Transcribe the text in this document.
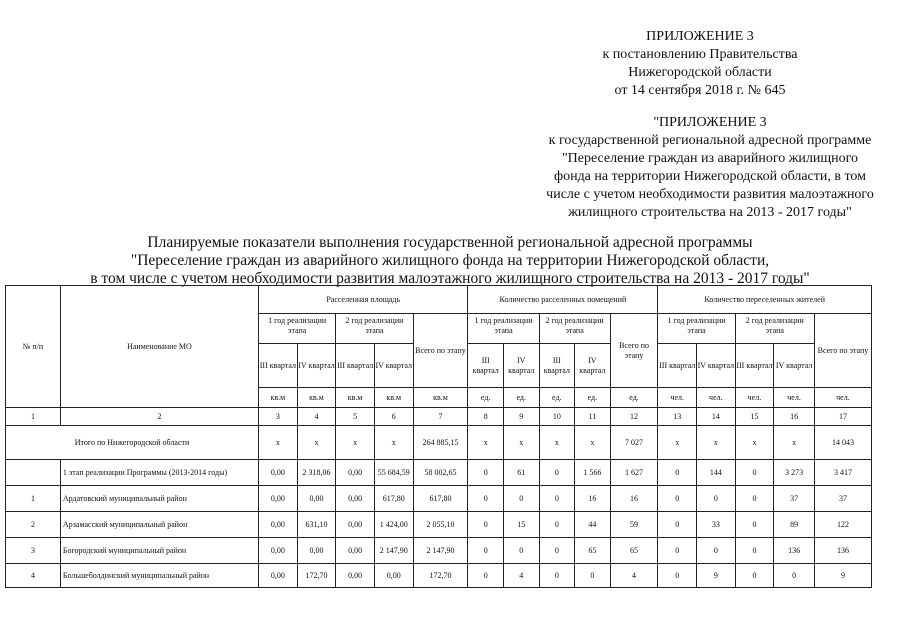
ПРИЛОЖЕНИЕ 3
к постановлению Правительства
Нижегородской области
от 14 сентября 2018 г. № 645
"ПРИЛОЖЕНИЕ 3
к государственной региональной адресной программе
"Переселение граждан из аварийного жилищного
фонда на территории Нижегородской области, в том
числе с учетом необходимости развития малоэтажного
жилищного строительства на 2013 - 2017 годы"
Планируемые показатели выполнения государственной региональной адресной программы
"Переселение граждан из аварийного жилищного фонда на территории Нижегородской области,
в том числе с учетом необходимости развития малоэтажного жилищного строительства на 2013 - 2017 годы"
№ п/п	Наименование МО	Расселенная площадь					Количество расселенных помещений					Количество переселенных жителей				
		1 год реализации этапа		2 год реализации этапа		Всего по этапу	1 год реализации этапа		2 год реализации этапа		Всего по этапу	1 год реализации этапа		2 год реализации этапа		Всего по этапу
		III квартал	IV квартал	III квартал	IV квартал		III квартал	IV квартал	III квартал	IV квартал		III квартал	IV квартал	III квартал	IV квартал	
		кв.м	кв.м	кв.м	кв.м	кв.м	ед.	ед.	ед.	ед.	ед.	чел.	чел.	чел.	чел.	чел.
1	2	3	4	5	6	7	8	9	10	11	12	13	14	15	16	17
Итого по Нижегородской области		x	x	x	x	264 885,15	x	x	x	x	7 027	x	x	x	x	14 043
	1 этап реализации Программы (2013-2014 годы)	0,00	2 318,06	0,00	55 684,59	58 002,65	0	61	0	1 566	1 627	0	144	0	3 273	3 417
1	Ардатовский муниципальный район	0,00	0,00	0,00	617,80	617,80	0	0	0	16	16	0	0	0	37	37
2	Арзамасский муниципальный район	0,00	631,10	0,00	1 424,00	2 055,10	0	15	0	44	59	0	33	0	89	122
3	Богородский муниципальный район	0,00	0,00	0,00	2 147,90	2 147,90	0	0	0	65	65	0	0	0	136	136
4	Большеболдинский муниципальный район	0,00	172,70	0,00	0,00	172,70	0	4	0	0	4	0	9	0	0	9
